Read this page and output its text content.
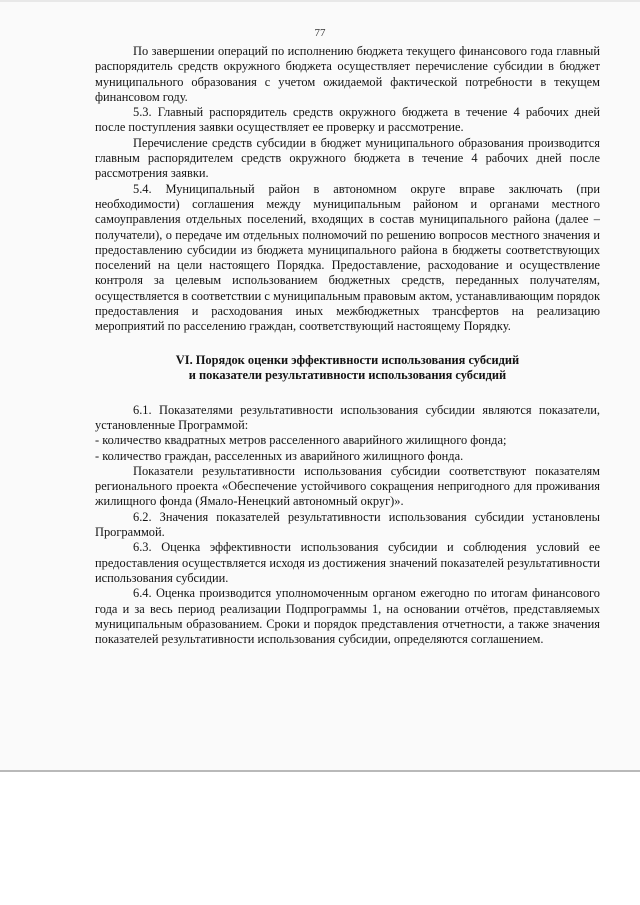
77

По завершении операций по исполнению бюджета текущего финансового года главный распорядитель средств окружного бюджета осуществляет перечисление субсидии в бюджет муниципального образования с учетом ожидаемой фактической потребности в текущем финансовом году.

5.3. Главный распорядитель средств окружного бюджета в течение 4 рабочих дней после поступления заявки осуществляет ее проверку и рассмотрение.

Перечисление средств субсидии в бюджет муниципального образования производится главным распорядителем средств окружного бюджета в течение 4 рабочих дней после рассмотрения заявки.

5.4. Муниципальный район в автономном округе вправе заключать (при необходимости) соглашения между муниципальным районом и органами местного самоуправления отдельных поселений, входящих в состав муниципального района (далее – получатели), о передаче им отдельных полномочий по решению вопросов местного значения и предоставлению субсидии из бюджета муниципального района в бюджеты соответствующих поселений на цели настоящего Порядка. Предоставление, расходование и осуществление контроля за целевым использованием бюджетных средств, переданных получателям, осуществляется в соответствии с муниципальным правовым актом, устанавливающим порядок предоставления и расходования иных межбюджетных трансфертов на реализацию мероприятий по расселению граждан, соответствующий настоящему Порядку.

VI. Порядок оценки эффективности использования субсидий
и показатели результативности использования субсидий

6.1. Показателями результативности использования субсидии являются показатели, установленные Программой:

- количество квадратных метров расселенного аварийного жилищного фонда;

- количество граждан, расселенных из аварийного жилищного фонда.

Показатели результативности использования субсидии соответствуют показателям регионального проекта «Обеспечение устойчивого сокращения непригодного для проживания жилищного фонда (Ямало-Ненецкий автономный округ)».

6.2. Значения показателей результативности использования субсидии установлены Программой.

6.3. Оценка эффективности использования субсидии и соблюдения условий ее предоставления осуществляется исходя из достижения значений показателей результативности использования субсидии.

6.4. Оценка производится уполномоченным органом ежегодно по итогам финансового года и за весь период реализации Подпрограммы 1, на основании отчётов, представляемых муниципальным образованием. Сроки и порядок представления отчетности, а также значения показателей результативности использования субсидии, определяются соглашением.
